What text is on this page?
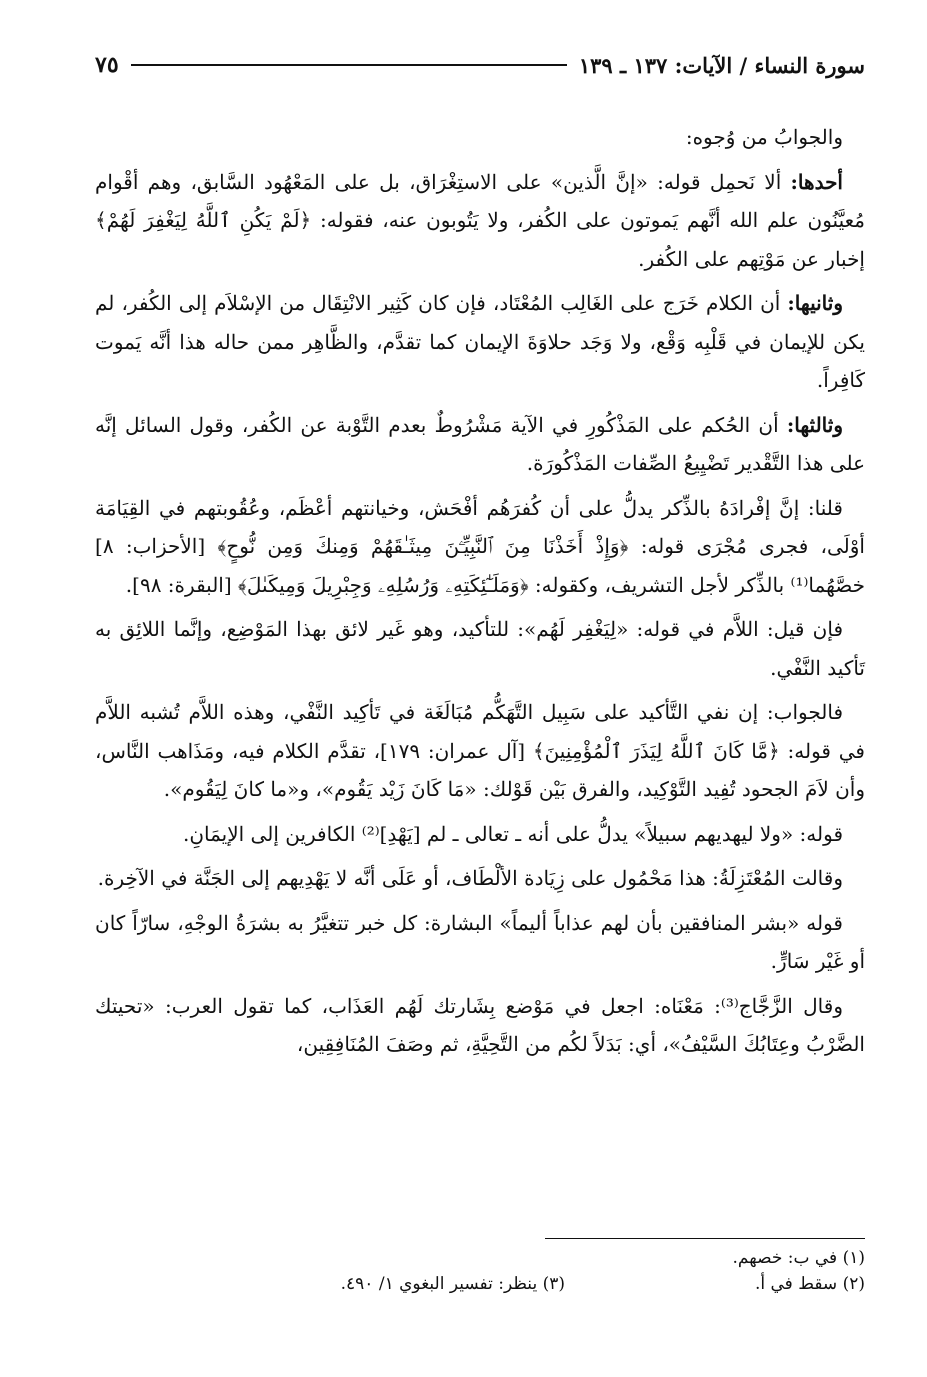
سورة النساء / الآيات: ١٣٧ ـ ١٣٩
٧٥

والجوابُ من وُجوه:

أحدها: ألا نَحمِل قوله: «إنَّ الَّذين» على الاستِغْرَاق، بل على المَعْهُود السَّابق، وهم أقْوام مُعيَّنُون علم الله أنَّهم يَموتون على الكُفر، ولا يَتُوبون عنه، فقوله: ﴿لَمْ يَكُنِ ٱللَّهُ لِيَغْفِرَ لَهُمْ﴾ إخبار عن مَوْتِهم على الكُفر.

وثانيها: أن الكلام خَرَج على الغَالِب المُعْتَاد، فإن كان كَثِير الانْتِقَال من الإسْلاَم إلى الكُفر، لم يكن للإيمان في قَلْبِه وَقْع، ولا وَجَد حلاوَةَ الإيمان كما تقدَّم، والظَّاهِر ممن حاله هذا أنَّه يَموت كَافِراً.

وثالثها: أن الحُكم على المَذْكُورِ في الآية مَشْرُوطٌ بعدم التَّوْبة عن الكُفر، وقول السائل إنَّه على هذا التَّقْدير تَضْيِيعُ الصِّفات المَذْكُورَة.

قلنا: إنَّ إفْرادَهُ بالذِّكر يدلُّ على أن كُفرَهُم أفْحَش، وخيانتهم أعْظَم، وعُقُوبتهم في القِيَامَة أوْلَى، فجرى مُجْرَى قوله: ﴿وَإِذْ أَخَذْنَا مِنَ ٱلنَّبِيِّـۧنَ مِيثَـٰقَهُمْ وَمِنكَ وَمِن نُّوحٍ﴾ [الأحزاب: ٨] خصَّهُما⁽¹⁾ بالذِّكر لأجل التشريف، وكقوله: ﴿وَمَلَـٰٓئِكَتِهِۦ وَرُسُلِهِۦ وَجِبْرِيلَ وَمِيكَىٰلَ﴾ [البقرة: ٩٨].

فإن قيل: اللاَّم في قوله: «لِيَغْفِر لَهُم»: للتأكيد، وهو غَير لائق بهذا المَوْضِع، وإنَّما اللائِق به تَأكيد النَّفْي.

فالجواب: إن نفي التَّأكيد على سَبِيل التَّهَكُّم مُبَالَغَة في تَأكِيد النَّفْي، وهذه اللاَّم تُشبه اللاَّم في قوله: ﴿مَّا كَانَ ٱللَّهُ لِيَذَرَ ٱلْمُؤْمِنِينَ﴾ [آل عمران: ١٧٩]، تقدَّم الكلام فيه، ومَذَاهب النَّاس، وأن لاَمَ الجحود تُفِيد التَّوْكِيد، والفرق بَيْن قَوْلك: «مَا كَانَ زَيْد يَقُوم»، و«ما كانَ لِيَقُوم».

قوله: «ولا ليهديهم سبيلاً» يدلُّ على أنه ـ تعالى ـ لم [يَهْدِ]⁽²⁾ الكافرين إلى الإيمَانِ.

وقالت المُعْتَزِلَةُ: هذا مَحْمُول على زِيَادة الألْطَاف، أو عَلَى أنَّه لا يَهْدِيهم إلى الجَنَّة في الآخِرة.

قوله «بشر المنافقين بأن لهم عذاباً أليماً» البشارة: كل خبر تتغيَّرُ به بشرَةُ الوجْهِ، سارّاً كان أو غَيْر سَارٍّ.

وقال الزَّجَّاج⁽³⁾: مَعْنَاه: اجعل في مَوْضع بِشَارتك لَهُم العَذَاب، كما تقول العرب: «تحيتك الضَّرْبُ وعِتَابُكَ السَّيْفُ»، أي: بَدَلاً لكُم من التَّحِيَّةِ، ثم وصَفَ المُنَافِقِين،

(١) في ب: خصهم.
(٢) سقط في أ.
(٣) ينظر: تفسير البغوي ١/ ٤٩٠.
